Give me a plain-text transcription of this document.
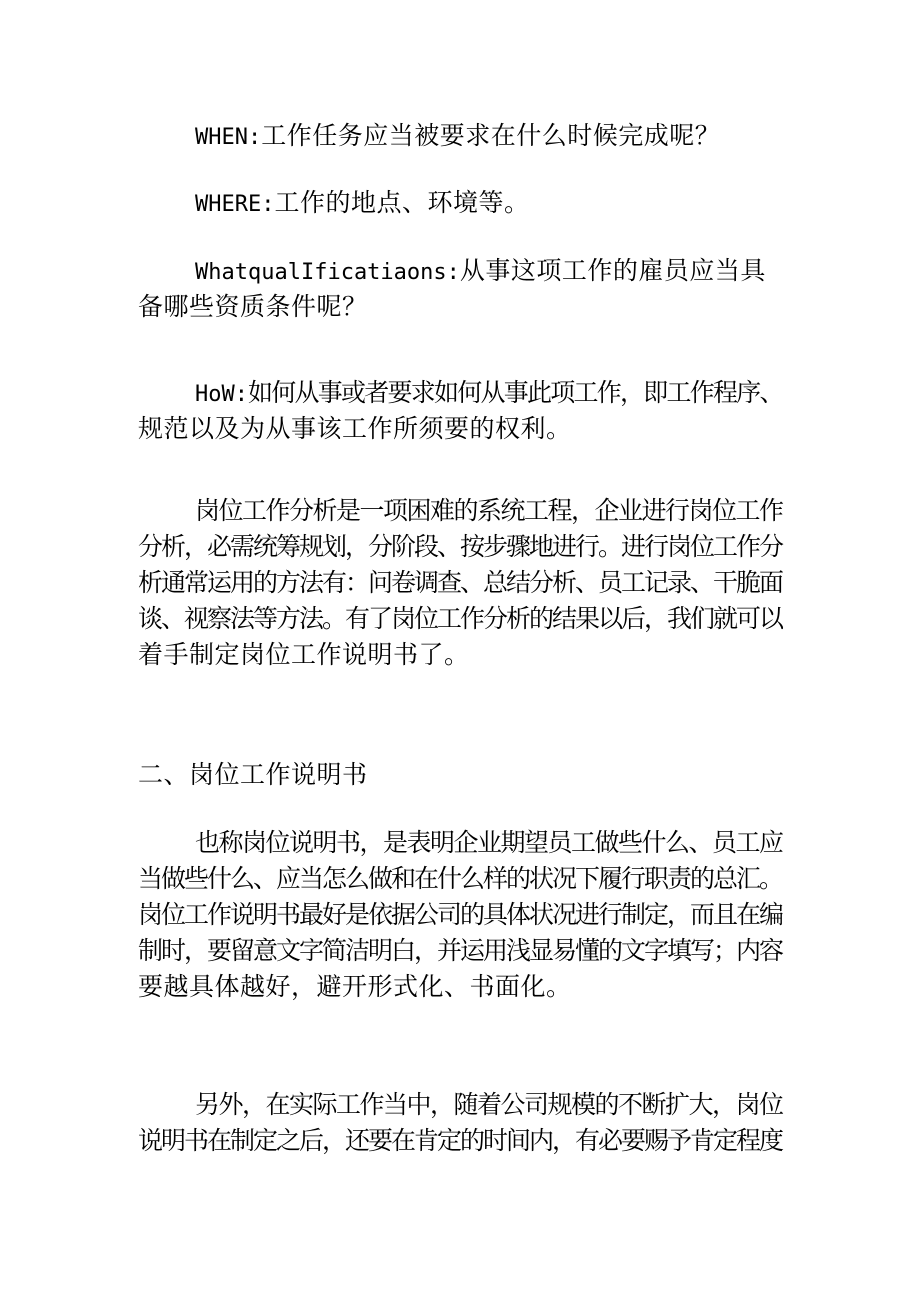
WHEN:工作任务应当被要求在什么时候完成呢？

WHERE:工作的地点、环境等。

WhatqualIficatiaons:从事这项工作的雇员应当具
备哪些资质条件呢？

HoW:如何从事或者要求如何从事此项工作，即工作程序、
规范以及为从事该工作所须要的权利。

岗位工作分析是一项困难的系统工程，企业进行岗位工作
分析，必需统筹规划，分阶段、按步骤地进行。进行岗位工作分
析通常运用的方法有：问卷调查、总结分析、员工记录、干脆面
谈、视察法等方法。有了岗位工作分析的结果以后，我们就可以
着手制定岗位工作说明书了。

二、岗位工作说明书

也称岗位说明书，是表明企业期望员工做些什么、员工应
当做些什么、应当怎么做和在什么样的状况下履行职责的总汇。
岗位工作说明书最好是依据公司的具体状况进行制定，而且在编
制时，要留意文字简洁明白，并运用浅显易懂的文字填写；内容
要越具体越好，避开形式化、书面化。

另外，在实际工作当中，随着公司规模的不断扩大，岗位
说明书在制定之后，还要在肯定的时间内，有必要赐予肯定程度
